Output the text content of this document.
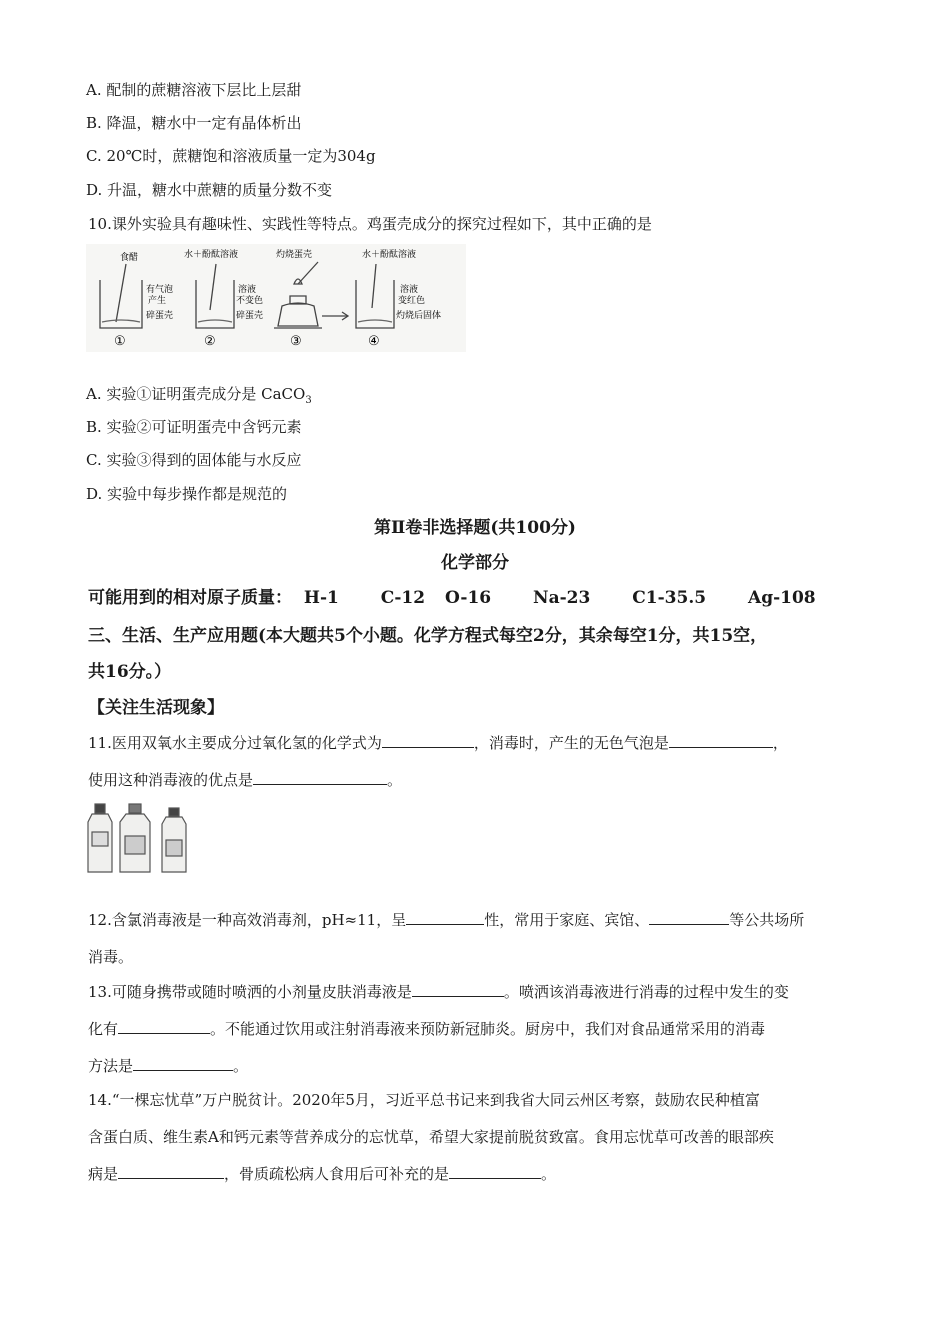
A. 配制的蔗糖溶液下层比上层甜
B. 降温，糖水中一定有晶体析出
C. 20℃时，蔗糖饱和溶液质量一定为304g
D. 升温，糖水中蔗糖的质量分数不变
10.课外实验具有趣味性、实践性等特点。鸡蛋壳成分的探究过程如下，其中正确的是
食醋	水＋酚酞溶液	灼烧蛋壳	水＋酚酞溶液
有气泡
产生
碎蛋壳
①
溶液
不变色
碎蛋壳
②	③
溶液
变红色
灼烧后固体
④
A. 实验①证明蛋壳成分是 CaCO$_3$
B. 实验②可证明蛋壳中含钙元素
C. 实验③得到的固体能与水反应
D. 实验中每步操作都是规范的
第Ⅱ卷非选择题(共100分)
化学部分
可能用到的相对原子质量： H-1 C-12 O-16 Na-23 C1-35.5 Ag-108
三、生活、生产应用题(本大题共5个小题。化学方程式每空2分，其余每空1分，共15空，
共16分。）
【关注生活现象】
11.医用双氧水主要成分过氧化氢的化学式为	，消毒时，产生的无色气泡是	，
使用这种消毒液的优点是	。
12.含氯消毒液是一种高效消毒剂，pH≈11，呈	性，常用于家庭、宾馆、	等公共场所
消毒。
13.可随身携带或随时喷洒的小剂量皮肤消毒液是	。喷洒该消毒液进行消毒的过程中发生的变
化有	。不能通过饮用或注射消毒液来预防新冠肺炎。厨房中，我们对食品通常采用的消毒
方法是	。
14.“一棵忘忧草”万户脱贫计。2020年5月，习近平总书记来到我省大同云州区考察，鼓励农民种植富
含蛋白质、维生素A和钙元素等营养成分的忘忧草，希望大家提前脱贫致富。食用忘忧草可改善的眼部疾
病是	，骨质疏松病人食用后可补充的是	。
